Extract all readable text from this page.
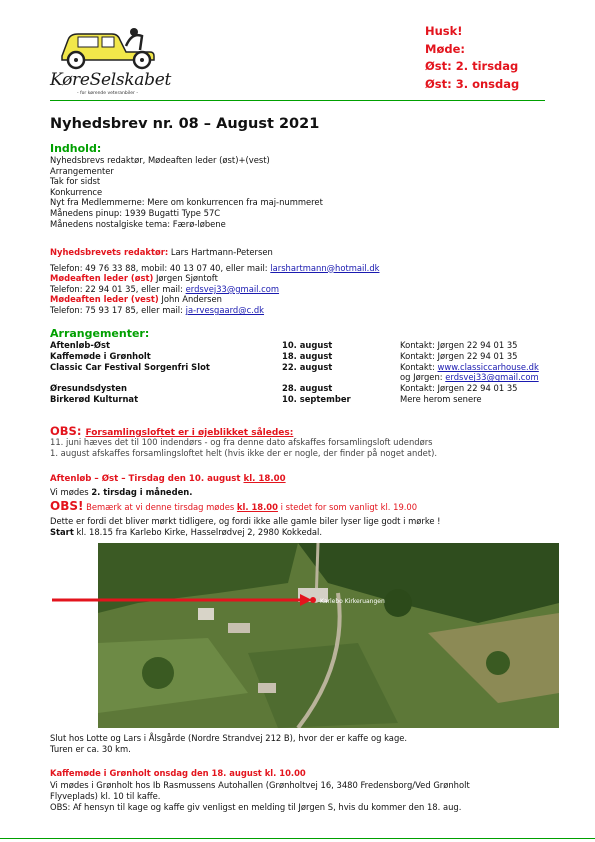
KøreSelskabet
- for kørende veteranbiler -
Husk!
Møde:
Øst: 2. tirsdag
Øst: 3. onsdag
Nyhedsbrev nr. 08 – August 2021
Indhold:
Nyhedsbrevs redaktør, Mødeaften leder (øst)+(vest)
Arrangementer
Tak for sidst
Konkurrence
Nyt fra Medlemmerne: Mere om konkurrencen fra maj-nummeret
Månedens pinup: 1939 Bugatti Type 57C
Månedens nostalgiske tema: Færø-løbene
Nyhedsbrevets redaktør: Lars Hartmann-Petersen
Telefon: 49 76 33 88, mobil: 40 13 07 40, eller mail: larshartmann@hotmail.dk
Mødeaften leder (øst) Jørgen Sjøntoft
Telefon: 22 94 01 35, eller mail: erdsvej33@gmail.com
Mødeaften leder (vest) John Andersen
Telefon: 75 93 17 85, eller mail: ja-rvesgaard@c.dk
Arrangementer:
Aftenløb-Øst	10. august	Kontakt: Jørgen 22 94 01 35
Kaffemøde i Grønholt	18. august	Kontakt: Jørgen 22 94 01 35
Classic Car Festival Sorgenfri Slot	22. august	Kontakt: www.classiccarhouse.dk
og Jørgen: erdsvej33@gmail.com
Øresundsdysten	28. august	Kontakt: Jørgen 22 94 01 35
Birkerød Kulturnat	10. september	Mere herom senere
OBS: Forsamlingsloftet er i øjeblikket således:
11. juni hæves det til 100 indendørs - og fra denne dato afskaffes forsamlingsloft udendørs
1. august afskaffes forsamlingsloftet helt (hvis ikke der er nogle, der finder på noget andet).
Aftenløb – Øst – Tirsdag den 10. august kl. 18.00
Vi mødes 2. tirsdag i måneden.
OBS! Bemærk at vi denne tirsdag mødes kl. 18.00 i stedet for som vanligt kl. 19.00
Dette er fordi det bliver mørkt tidligere, og fordi ikke alle gamle biler lyser lige godt i mørke !
Start kl. 18.15 fra Karlebo Kirke, Hasselrødvej 2, 2980 Kokkedal.
Karlebo Kirkeruangen
Slut hos Lotte og Lars i Ålsgårde (Nordre Strandvej 212 B), hvor der er kaffe og kage.
Turen er ca. 30 km.
Kaffemøde i Grønholt onsdag den 18. august kl. 10.00
Vi mødes i Grønholt hos Ib Rasmussens Autohallen (Grønholtvej 16, 3480 Fredensborg/Ved Grønholt
Flyveplads) kl. 10 til kaffe.
OBS: Af hensyn til kage og kaffe giv venligst en melding til Jørgen S, hvis du kommer den 18. aug.
